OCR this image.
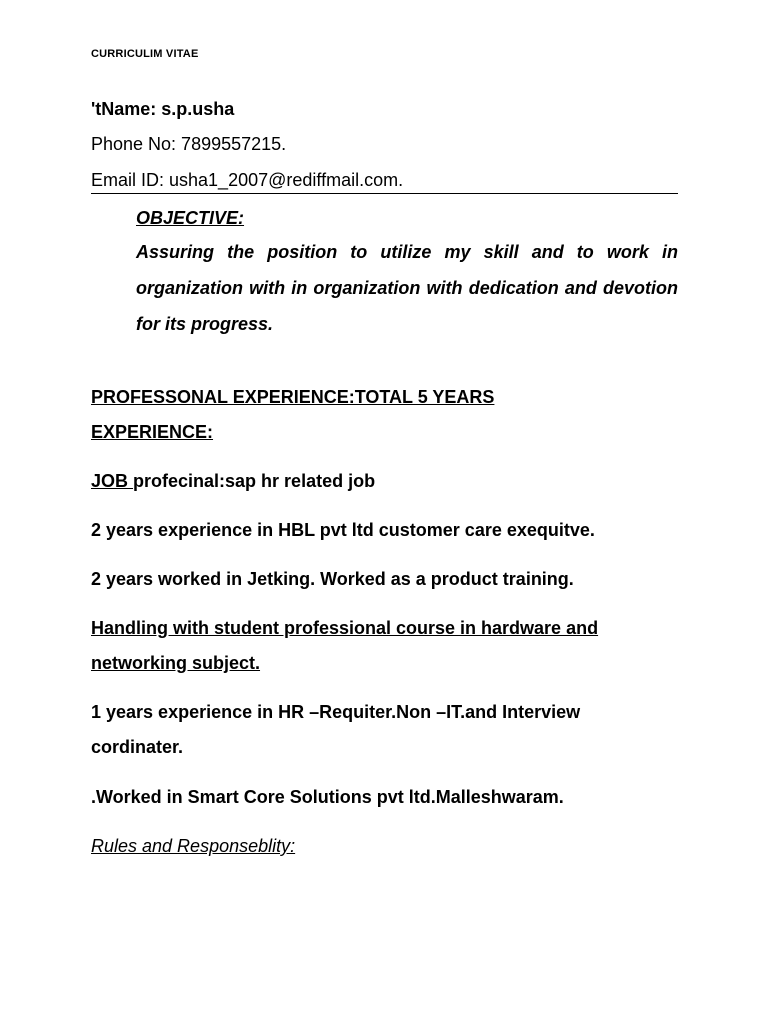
CURRICULIM VITAE
'tName: s.p.usha
Phone No: 7899557215.
Email ID: usha1_2007@rediffmail.com.
OBJECTIVE:
Assuring the position to utilize my skill and to work in organization with in organization with dedication and devotion for its progress.
PROFESSONAL EXPERIENCE:TOTAL 5 YEARS EXPERIENCE:
JOB profecinal:sap hr related job
2 years experience in HBL pvt ltd customer care exequitve.
2 years worked in Jetking. Worked as a product training.
Handling with student professional course in hardware and networking subject.
1 years experience in HR –Requiter.Non –IT.and Interview cordinater.
.Worked in Smart Core Solutions pvt ltd.Malleshwaram.
Rules and Responseblity:
